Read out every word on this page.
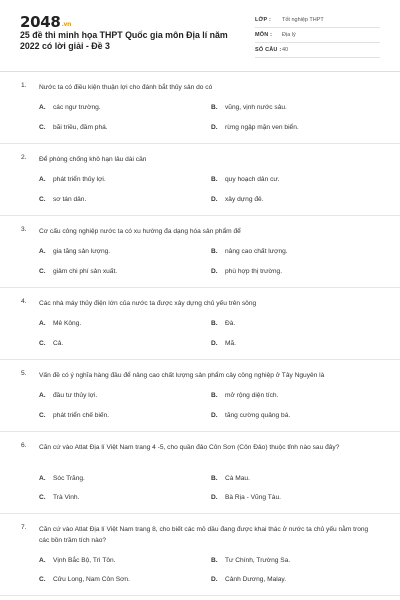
2048.vn
25 đề thi minh họa THPT Quốc gia môn Địa lí năm 2022 có lời giải - Đề 3
LỚP : Tốt nghiệp THPT
MÔN : Địa lý
SỐ CÂU : 40
1. Nước ta có điều kiện thuận lợi cho đánh bắt thủy sản do có
A. các ngư trường.	B. vũng, vịnh nước sâu.
C. bãi triều, đầm phá.	D. rừng ngập mặn ven biển.
2. Để phòng chống khô hạn lâu dài cần
A. phát triển thủy lợi.	B. quy hoạch dân cư.
C. sơ tán dân.	D. xây dựng đê.
3. Cơ cấu công nghiệp nước ta có xu hướng đa dạng hóa sản phẩm để
A. gia tăng sản lượng.	B. nâng cao chất lượng.
C. giảm chi phí sản xuất.	D. phù hợp thị trường.
4. Các nhà máy thủy điện lớn của nước ta được xây dựng chủ yếu trên sông
A. Mê Kông.	B. Đà.
C. Cả.	D. Mã.
5. Vấn đề có ý nghĩa hàng đầu để nâng cao chất lượng sản phẩm cây công nghiệp ở Tây Nguyên là
A. đầu tư thủy lợi.	B. mở rộng diện tích.
C. phát triển chế biến.	D. tăng cường quảng bá.
6. Căn cứ vào Atlat Địa lí Việt Nam trang 4 -5, cho quần đảo Côn Sơn (Côn Đảo) thuộc tỉnh nào sau đây?
A. Sóc Trăng.	B. Cà Mau.
C. Trà Vinh.	D. Bà Rịa - Vũng Tàu.
7. Căn cứ vào Atlat Địa lí Việt Nam trang 8, cho biết các mỏ dầu đang được khai thác ở nước ta chủ yếu nằm trong các bồn trầm tích nào?
A. Vịnh Bắc Bộ, Trì Tôn.	B. Tư Chính, Trường Sa.
C. Cửu Long, Nam Côn Sơn.	D. Cảnh Dương, Malay.
